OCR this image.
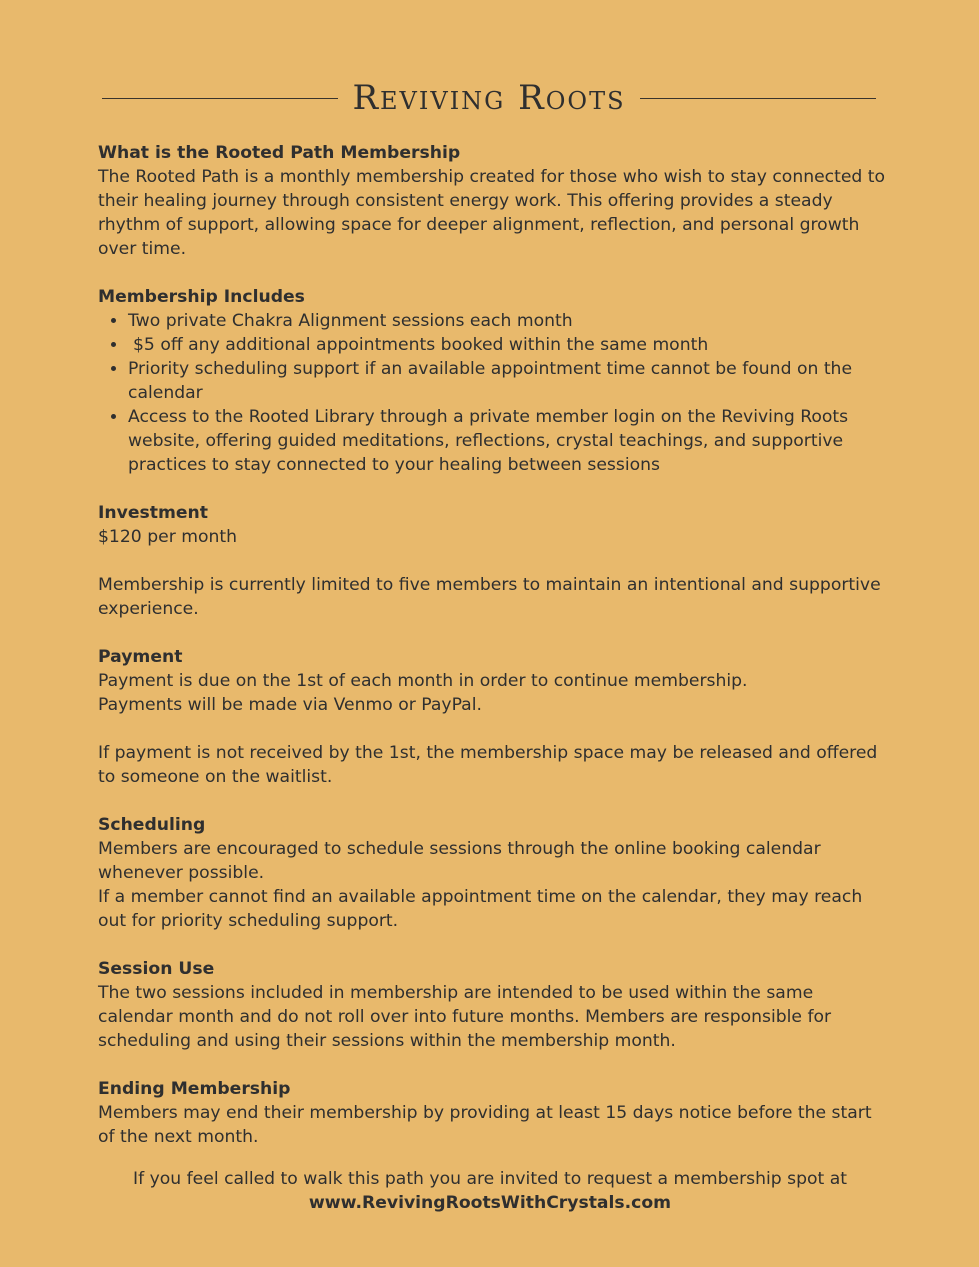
Reviving Roots
What is the Rooted Path Membership

The Rooted Path is a monthly membership created for those who wish to stay connected to their healing journey through consistent energy work. This offering provides a steady rhythm of support, allowing space for deeper alignment, reflection, and personal growth over time.

Membership Includes
• Two private Chakra Alignment sessions each month
• $5 off any additional appointments booked within the same month
• Priority scheduling support if an available appointment time cannot be found on the calendar
• Access to the Rooted Library through a private member login on the Reviving Roots website, offering guided meditations, reflections, crystal teachings, and supportive practices to stay connected to your healing between sessions
Investment

$120 per month

Membership is currently limited to five members to maintain an intentional and supportive experience.

Payment

Payment is due on the 1st of each month in order to continue membership.

Payments will be made via Venmo or PayPal.

If payment is not received by the 1st, the membership space may be released and offered to someone on the waitlist.

Scheduling

Members are encouraged to schedule sessions through the online booking calendar whenever possible.

If a member cannot find an available appointment time on the calendar, they may reach out for priority scheduling support.

Session Use

The two sessions included in membership are intended to be used within the same calendar month and do not roll over into future months. Members are responsible for scheduling and using their sessions within the membership month.

Ending Membership

Members may end their membership by providing at least 15 days notice before the start of the next month.

If you feel called to walk this path you are invited to request a membership spot at
www.RevivingRootsWithCrystals.com
